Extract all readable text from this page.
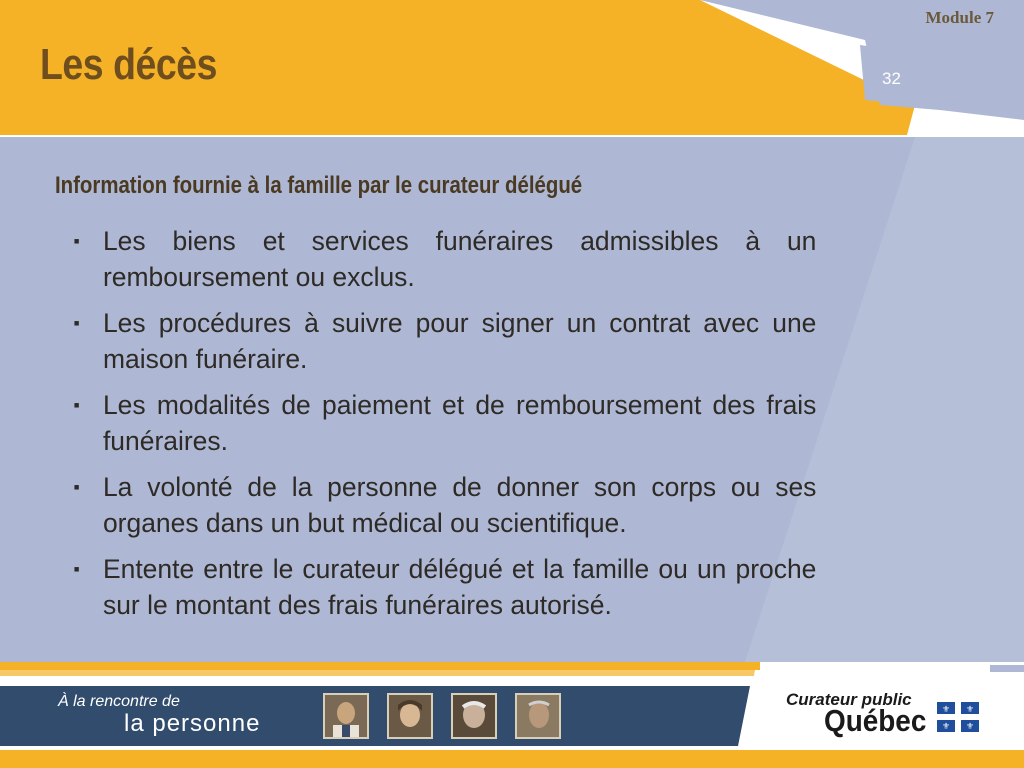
Module 7
Les décès	32
Information fournie à la famille par le curateur délégué
▪ Les biens et services funéraires admissibles à un remboursement ou exclus.
▪ Les procédures à suivre pour signer un contrat avec une maison funéraire.
▪ Les modalités de paiement et de remboursement des frais funéraires.
▪ La volonté de la personne de donner son corps ou ses organes dans un but médical ou scientifique.
▪ Entente entre le curateur délégué et la famille ou un proche sur le montant des frais funéraires autorisé.
À la rencontre de
la personne
Curateur public
Québec ⚜ ⚜
⚜ ⚜
